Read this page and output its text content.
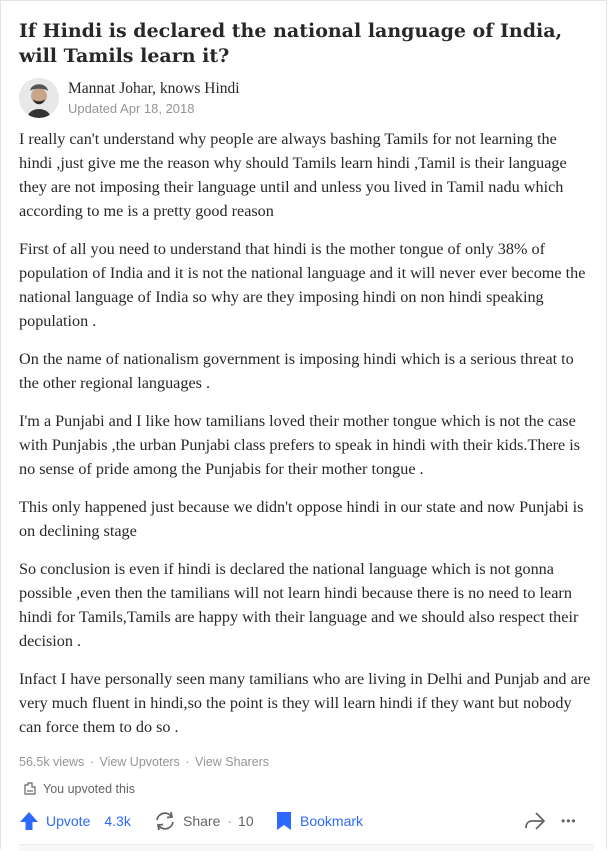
If Hindi is declared the national language of India, will Tamils learn it?
Mannat Johar, knows Hindi
Updated Apr 18, 2018

I really can't understand why people are always bashing Tamils for not learning the hindi ,just give me the reason why should Tamils learn hindi ,Tamil is their language they are not imposing their language until and unless you lived in Tamil nadu which according to me is a pretty good reason

First of all you need to understand that hindi is the mother tongue of only 38% of population of India and it is not the national language and it will never ever become the national language of India so why are they imposing hindi on non hindi speaking population .

On the name of nationalism government is imposing hindi which is a serious threat to the other regional languages .

I'm a Punjabi and I like how tamilians loved their mother tongue which is not the case with Punjabis ,the urban Punjabi class prefers to speak in hindi with their kids.There is no sense of pride among the Punjabis for their mother tongue .

This only happened just because we didn't oppose hindi in our state and now Punjabi is on declining stage

So conclusion is even if hindi is declared the national language which is not gonna possible ,even then the tamilians will not learn hindi because there is no need to learn hindi for Tamils,Tamils are happy with their language and we should also respect their decision .

Infact I have personally seen many tamilians who are living in Delhi and Punjab and are very much fluent in hindi,so the point is they will learn hindi if they want but nobody can force them to do so .

56.5k views · View Upvoters · View Sharers
You upvoted this
Upvote 4.3k	Share · 10	Bookmark	•••
